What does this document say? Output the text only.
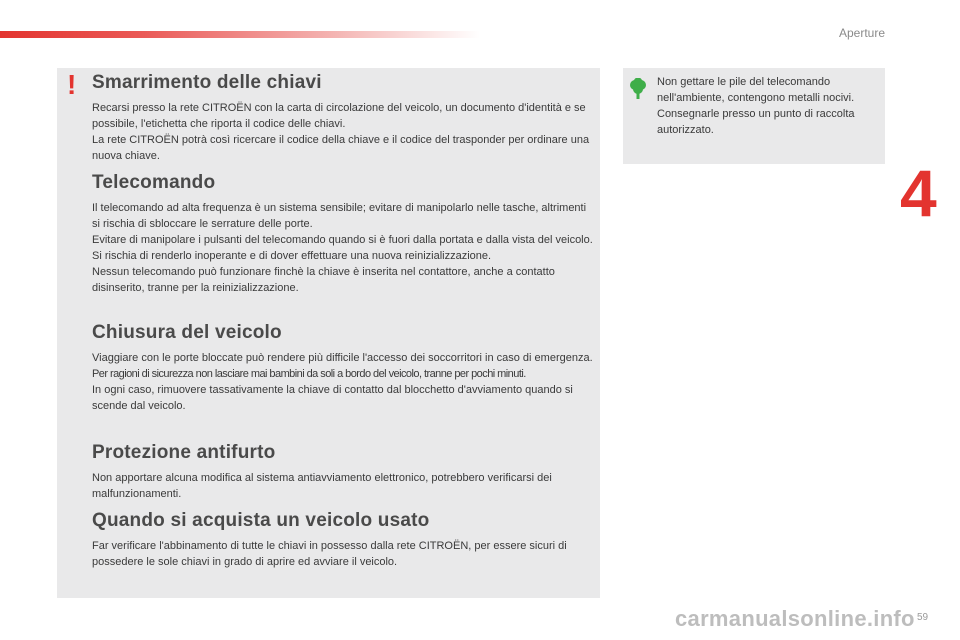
Aperture
4
! Smarrimento delle chiavi

Recarsi presso la rete CITROËN con la carta di circolazione del veicolo, un documento d'identità e se possibile, l'etichetta che riporta il codice delle chiavi.

La rete CITROËN potrà così ricercare il codice della chiave e il codice del trasponder per ordinare una nuova chiave.

Telecomando

Il telecomando ad alta frequenza è un sistema sensibile; evitare di manipolarlo nelle tasche, altrimenti si rischia di sbloccare le serrature delle porte.

Evitare di manipolare i pulsanti del telecomando quando si è fuori dalla portata e dalla vista del veicolo. Si rischia di renderlo inoperante e di dover effettuare una nuova reinizializzazione.

Nessun telecomando può funzionare finchè la chiave è inserita nel contattore, anche a contatto disinserito, tranne per la reinizializzazione.

Chiusura del veicolo

Viaggiare con le porte bloccate può rendere più difficile l'accesso dei soccorritori in caso di emergenza.

Per ragioni di sicurezza non lasciare mai bambini da soli a bordo del veicolo, tranne per pochi minuti.

In ogni caso, rimuovere tassativamente la chiave di contatto dal blocchetto d'avviamento quando si scende dal veicolo.

Protezione antifurto

Non apportare alcuna modifica al sistema antiavviamento elettronico, potrebbero verificarsi dei malfunzionamenti.

Quando si acquista un veicolo usato

Far verificare l'abbinamento di tutte le chiavi in possesso dalla rete CITROËN, per essere sicuri di possedere le sole chiavi in grado di aprire ed avviare il veicolo.

Non gettare le pile del telecomando nell'ambiente, contengono metalli nocivi. Consegnarle presso un punto di raccolta autorizzato.

carmanualsonline.info 59
